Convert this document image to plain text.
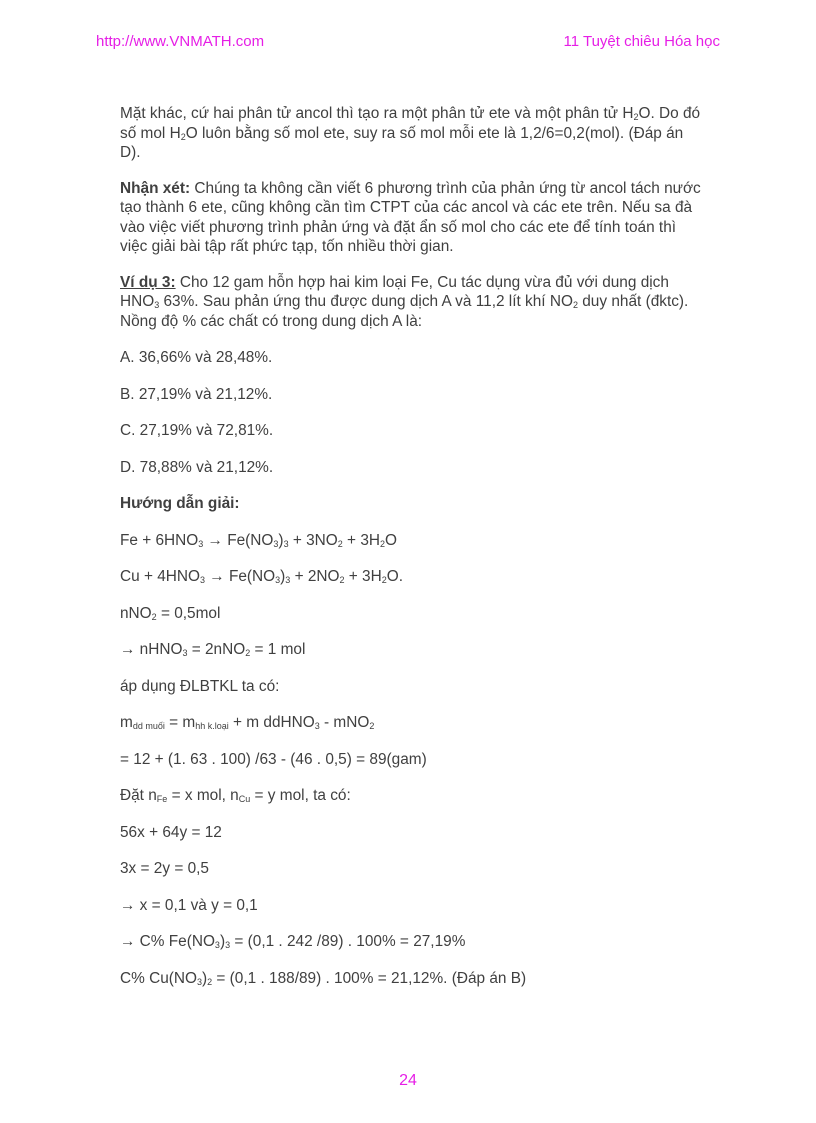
http://www.VNMATH.com	11 Tuyệt chiêu Hóa học

Mặt khác, cứ hai phân tử ancol thì tạo ra một phân tử ete và một phân tử $H_2O$. Do đó số mol $H_2O$ luôn bằng số mol ete, suy ra số mol mỗi ete là 1,2/6=0,2(mol). (Đáp án D).

Nhận xét: Chúng ta không cần viết 6 phương trình của phản ứng từ ancol tách nước tạo thành 6 ete, cũng không cần tìm CTPT của các ancol và các ete trên. Nếu sa đà vào việc viết phương trình phản ứng và đặt ẩn số mol cho các ete để tính toán thì việc giải bài tập rất phức tạp, tốn nhiều thời gian.

Ví dụ 3: Cho 12 gam hỗn hợp hai kim loại Fe, Cu tác dụng vừa đủ với dung dịch $HNO_3$ 63%. Sau phản ứng thu được dung dịch A và 11,2 lít khí $NO_2$ duy nhất (đktc). Nồng độ % các chất có trong dung dịch A là:

A. 36,66% và 28,48%.

B. 27,19% và 21,12%.

C. 27,19% và 72,81%.

D. 78,88% và 21,12%.

Hướng dẫn giải:

$Fe + 6HNO_3 \to Fe(NO_3)_3 + 3NO_2 + 3H_2O$

$Cu + 4HNO_3 \to Fe(NO_3)_3 + 2NO_2 + 3H_2O$.

nNO$_2$ = 0,5mol

→ nHNO$_3$ = 2nNO$_2$ = 1 mol

áp dụng ĐLBTKL ta có:

$m_{dd muối} = m_{hh k.loại} + m$ ddHNO$_3$ - mNO$_2$

= 12 + (1. 63 . 100) /63 - (46 . 0,5) = 89(gam)

Đặt $n_{Fe} = x$ mol, $n_{Cu} = y$ mol, ta có:

56x + 64y = 12

3x = 2y = 0,5

→ x = 0,1 và y = 0,1

→ C% $Fe(NO_3)_3 = (0,1$ . 242 /89) . 100% = 27,19%

C% $Cu(NO_3)_2 = (0,1$ . 188/89) . 100% = 21,12%. (Đáp án B)

24
